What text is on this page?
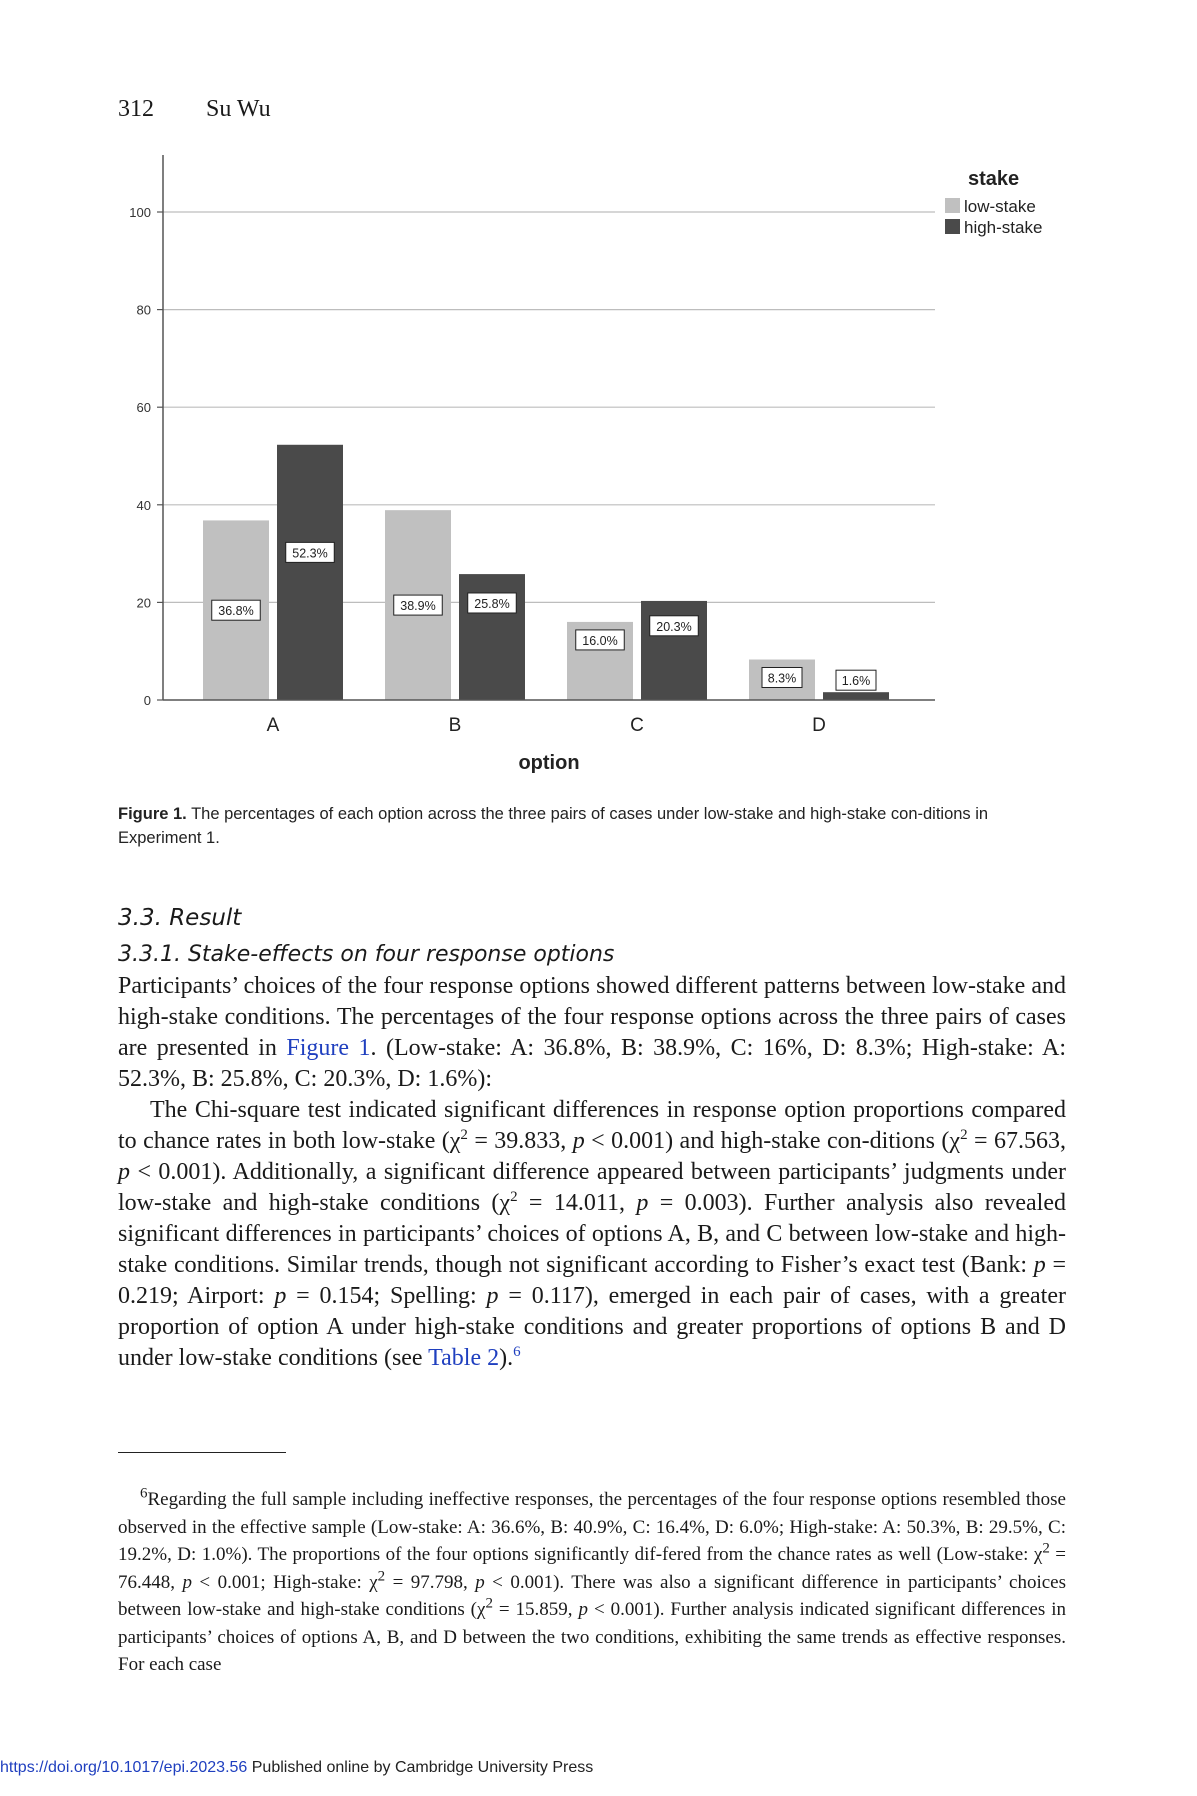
312 Su Wu
0
20
40
60
80
100
36.8%
52.3%
38.9%	25.8%
16.0%
20.3%
8.3%	1.6%
A	B	C	D
option
stake
low-stake
high-stake
Figure 1. The percentages of each option across the three pairs of cases under low-stake and high-stake con-ditions in Experiment 1.
3.3. Result
3.3.1. Stake-effects on four response options

Participants’ choices of the four response options showed different patterns between low-stake and high-stake conditions. The percentages of the four response options across the three pairs of cases are presented in Figure 1. (Low-stake: A: 36.8%, B: 38.9%, C: 16%, D: 8.3%; High-stake: A: 52.3%, B: 25.8%, C: 20.3%, D: 1.6%):

The Chi-square test indicated significant differences in response option proportions compared to chance rates in both low-stake ($\chi^2 = 39.833$, p < 0.001) and high-stake con-ditions ($\chi^2 = 67.563$, p < 0.001). Additionally, a significant difference appeared between participants’ judgments under low-stake and high-stake conditions ($\chi^2 = 14.011$, p = 0.003). Further analysis also revealed significant differences in participants’ choices of options A, B, and C between low-stake and high-stake conditions. Similar trends, though not significant according to Fisher’s exact test (Bank: p = 0.219; Airport: p = 0.154; Spelling: p = 0.117), emerged in each pair of cases, with a greater proportion of option A under high-stake conditions and greater proportions of options B and D under low-stake conditions (see Table 2).$^6$

$^6$Regarding the full sample including ineffective responses, the percentages of the four response options resembled those observed in the effective sample (Low-stake: A: 36.6%, B: 40.9%, C: 16.4%, D: 6.0%; High-stake: A: 50.3%, B: 29.5%, C: 19.2%, D: 1.0%). The proportions of the four options significantly dif-fered from the chance rates as well (Low-stake: $\chi^2 = 76.448$, p < 0.001; High-stake: $\chi^2 = 97.798$, p < 0.001). There was also a significant difference in participants’ choices between low-stake and high-stake conditions ($\chi^2 = 15.859$, p < 0.001). Further analysis indicated significant differences in participants’ choices of options A, B, and D between the two conditions, exhibiting the same trends as effective responses. For each case

https://doi.org/10.1017/epi.2023.56 Published online by Cambridge University Press
